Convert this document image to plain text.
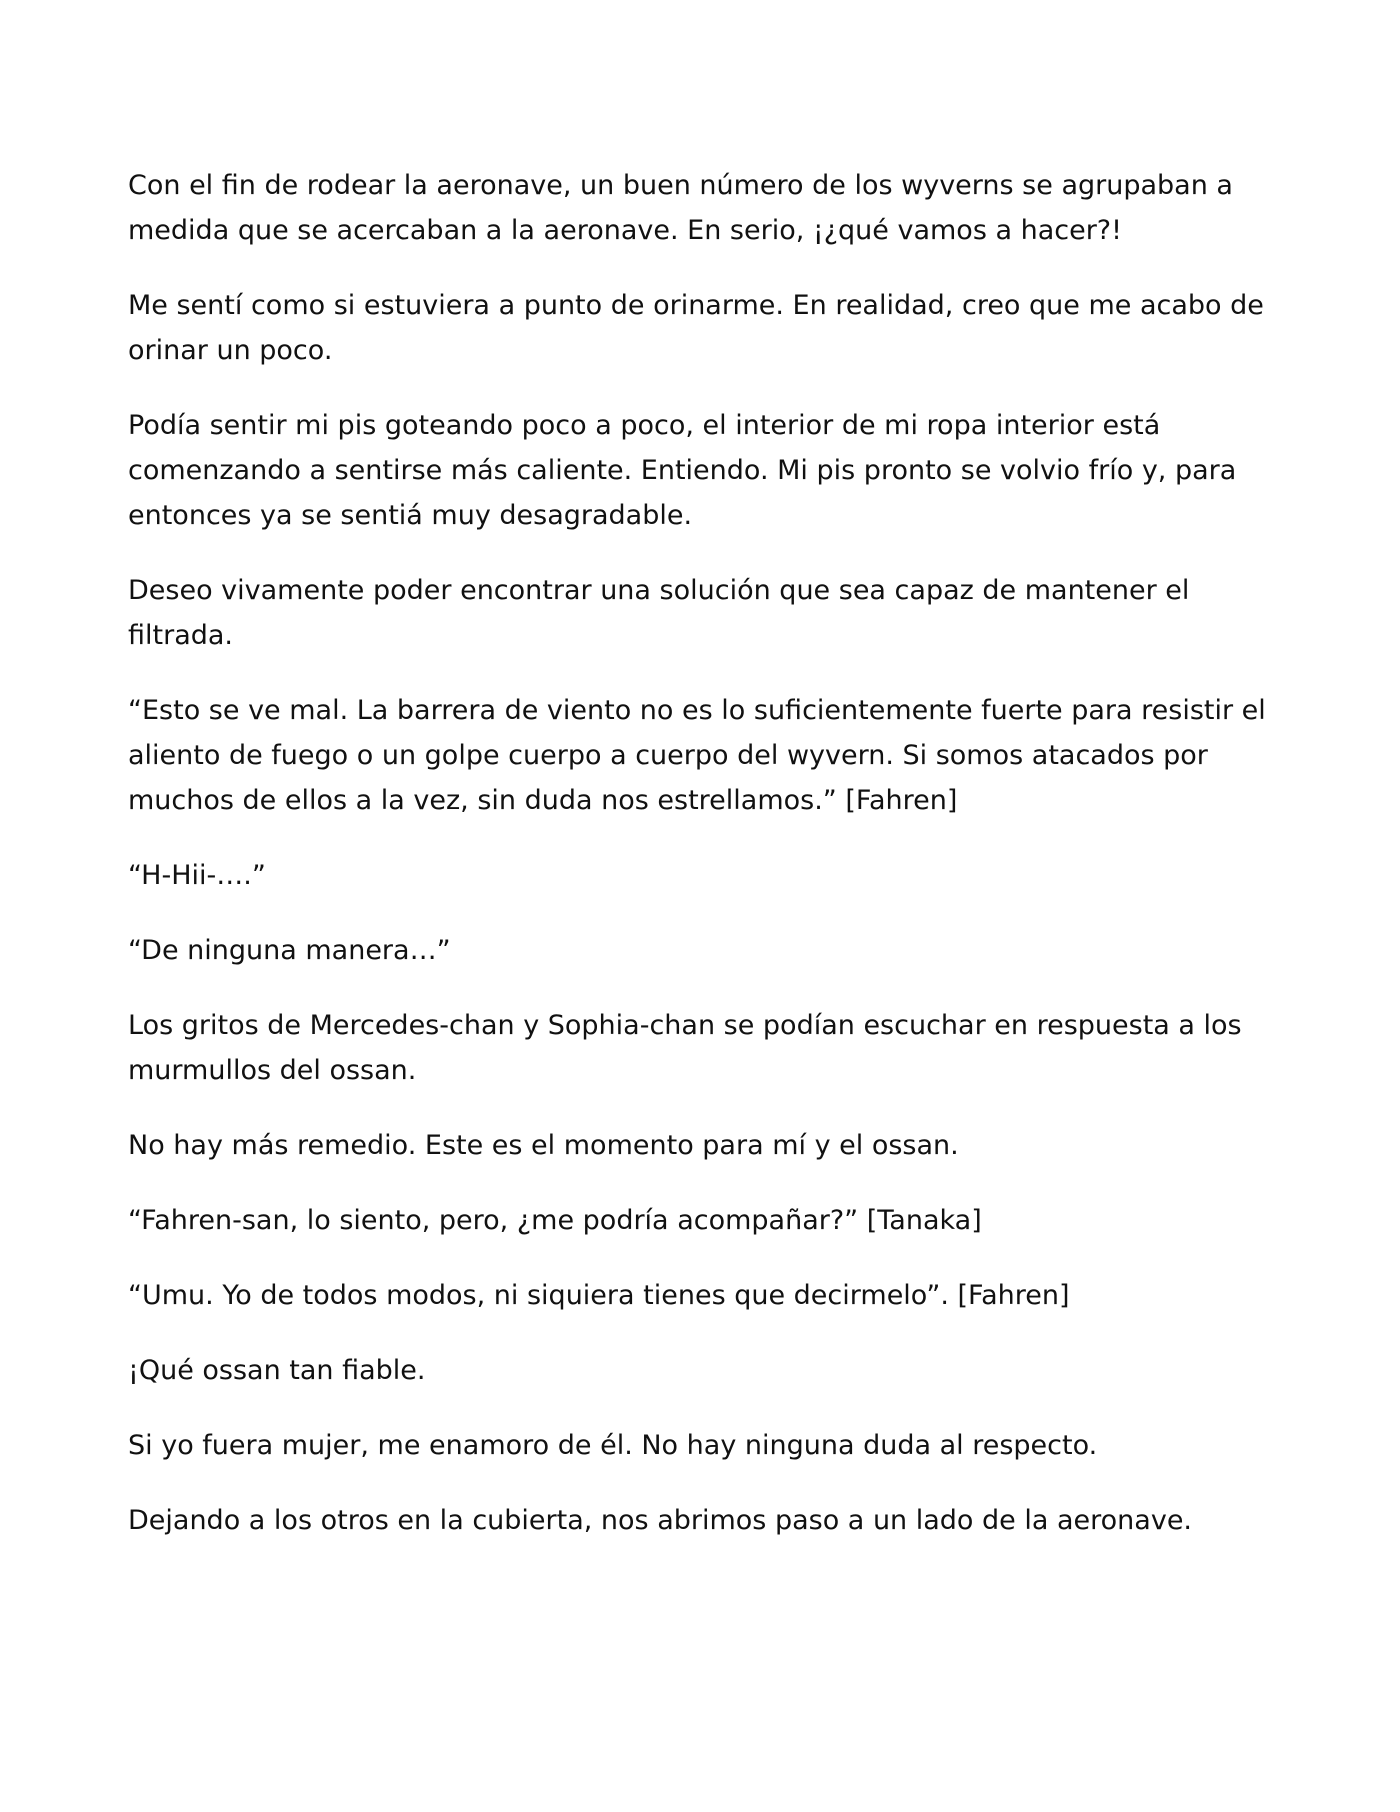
Con el fin de rodear la aeronave, un buen número de los wyverns se agrupaban a medida que se acercaban a la aeronave. En serio, ¡¿qué vamos a hacer?!

Me sentí como si estuviera a punto de orinarme. En realidad, creo que me acabo de orinar un poco.

Podía sentir mi pis goteando poco a poco, el interior de mi ropa interior está comenzando a sentirse más caliente. Entiendo. Mi pis pronto se volvio frío y, para entonces ya se sentiá muy desagradable.

Deseo vivamente poder encontrar una solución que sea capaz de mantener el filtrada.

“Esto se ve mal. La barrera de viento no es lo suficientemente fuerte para resistir el aliento de fuego o un golpe cuerpo a cuerpo del wyvern. Si somos atacados por muchos de ellos a la vez, sin duda nos estrellamos.” [Fahren]

“H-Hii-….”

“De ninguna manera…”

Los gritos de Mercedes-chan y Sophia-chan se podían escuchar en respuesta a los murmullos del ossan.

No hay más remedio. Este es el momento para mí y el ossan.

“Fahren-san, lo siento, pero, ¿me podría acompañar?” [Tanaka]

“Umu. Yo de todos modos, ni siquiera tienes que decirmelo”. [Fahren]

¡Qué ossan tan fiable.

Si yo fuera mujer, me enamoro de él. No hay ninguna duda al respecto.

Dejando a los otros en la cubierta, nos abrimos paso a un lado de la aeronave.
